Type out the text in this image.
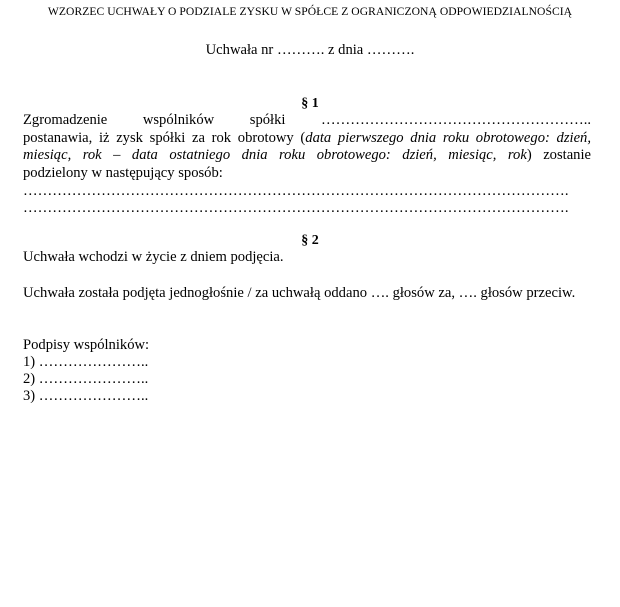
WZORZEC UCHWAŁY O PODZIALE ZYSKU W SPÓŁCE Z OGRANICZONĄ ODPOWIEDZIALNOŚCIĄ
Uchwała nr ………. z dnia ……….
§ 1
Zgromadzenie wspólników spółki ………………………………………………..
postanawia, iż zysk spółki za rok obrotowy (data pierwszego dnia roku obrotowego: dzień,
miesiąc, rok – data ostatniego dnia roku obrotowego: dzień, miesiąc, rok) zostanie
podzielony w następujący sposób:
………………………………………………………………………………………………….
………………………………………………………………………………………………….
§ 2
Uchwała wchodzi w życie z dniem podjęcia.
Uchwała została podjęta jednogłośnie / za uchwałą oddano …. głosów za, …. głosów przeciw.
Podpisy wspólników:
1) …………………..
2) …………………..
3) …………………..
